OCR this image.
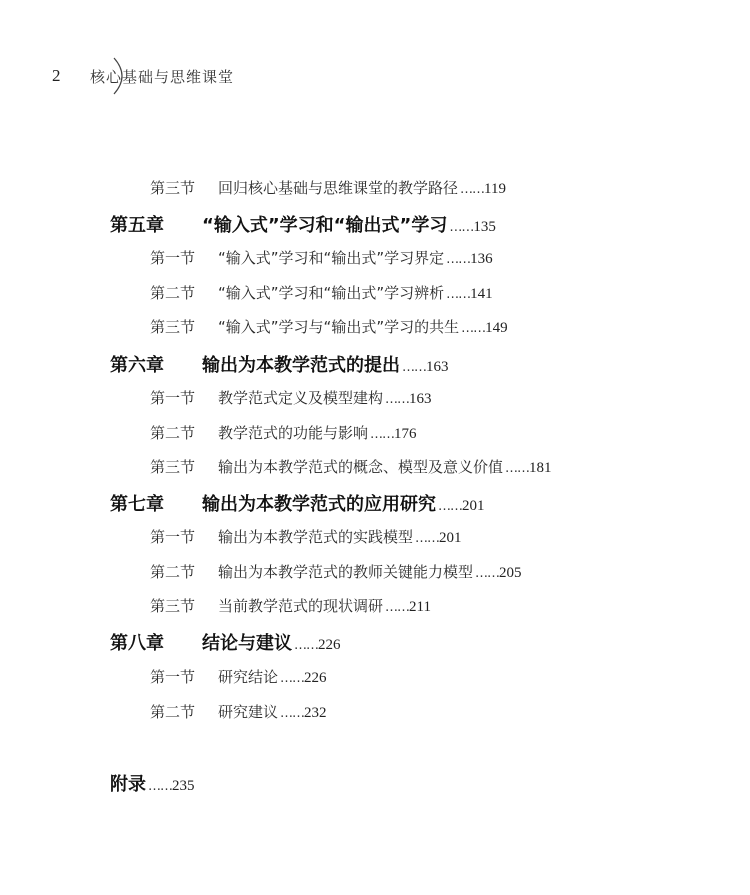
2 核心基础与思维课堂
第三节 回归核心基础与思维课堂的教学路径 ……119
第五章 “输入式”学习和“输出式”学习 ……135
第一节 “输入式”学习和“输出式”学习界定 ……136
第二节 “输入式”学习和“输出式”学习辨析 ……141
第三节 “输入式”学习与“输出式”学习的共生 ……149
第六章 输出为本教学范式的提出 ……163
第一节 教学范式定义及模型建构 ……163
第二节 教学范式的功能与影响 ……176
第三节 输出为本教学范式的概念、模型及意义价值 ……181
第七章 输出为本教学范式的应用研究 ……201
第一节 输出为本教学范式的实践模型 ……201
第二节 输出为本教学范式的教师关键能力模型 ……205
第三节 当前教学范式的现状调研 ……211
第八章 结论与建议 ……226
第一节 研究结论 ……226
第二节 研究建议 ……232
附录 ……235
